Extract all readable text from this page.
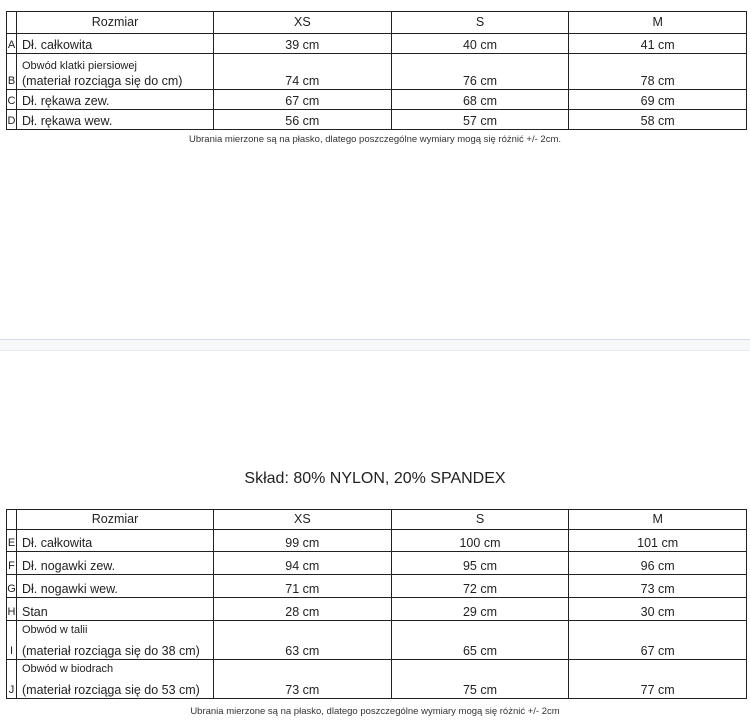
	Rozmiar	XS	S	M
A	Dł. całkowita	39 cm	40 cm	41 cm
B	Obwód klatki piersiowej
(materiał rozciąga się do cm)	74 cm	76 cm	78 cm
C	Dł. rękawa zew.	67 cm	68 cm	69 cm
D	Dł. rękawa wew.	56 cm	57 cm	58 cm
Ubrania mierzone są na płasko, dlatego poszczególne wymiary mogą się różnić +/- 2cm.
Skład: 80% NYLON, 20% SPANDEX
	Rozmiar	XS	S	M
E	Dł. całkowita	99 cm	100 cm	101 cm
F	Dł. nogawki zew.	94 cm	95 cm	96 cm
G	Dł. nogawki wew.	71 cm	72 cm	73 cm
H	Stan	28 cm	29 cm	30 cm
I	Obwód w talii
(materiał rozciąga się do 38 cm)	63 cm	65 cm	67 cm
J	Obwód w biodrach
(materiał rozciąga się do 53 cm)	73 cm	75 cm	77 cm
Ubrania mierzone są na płasko, dlatego poszczególne wymiary mogą się różnić +/- 2cm
